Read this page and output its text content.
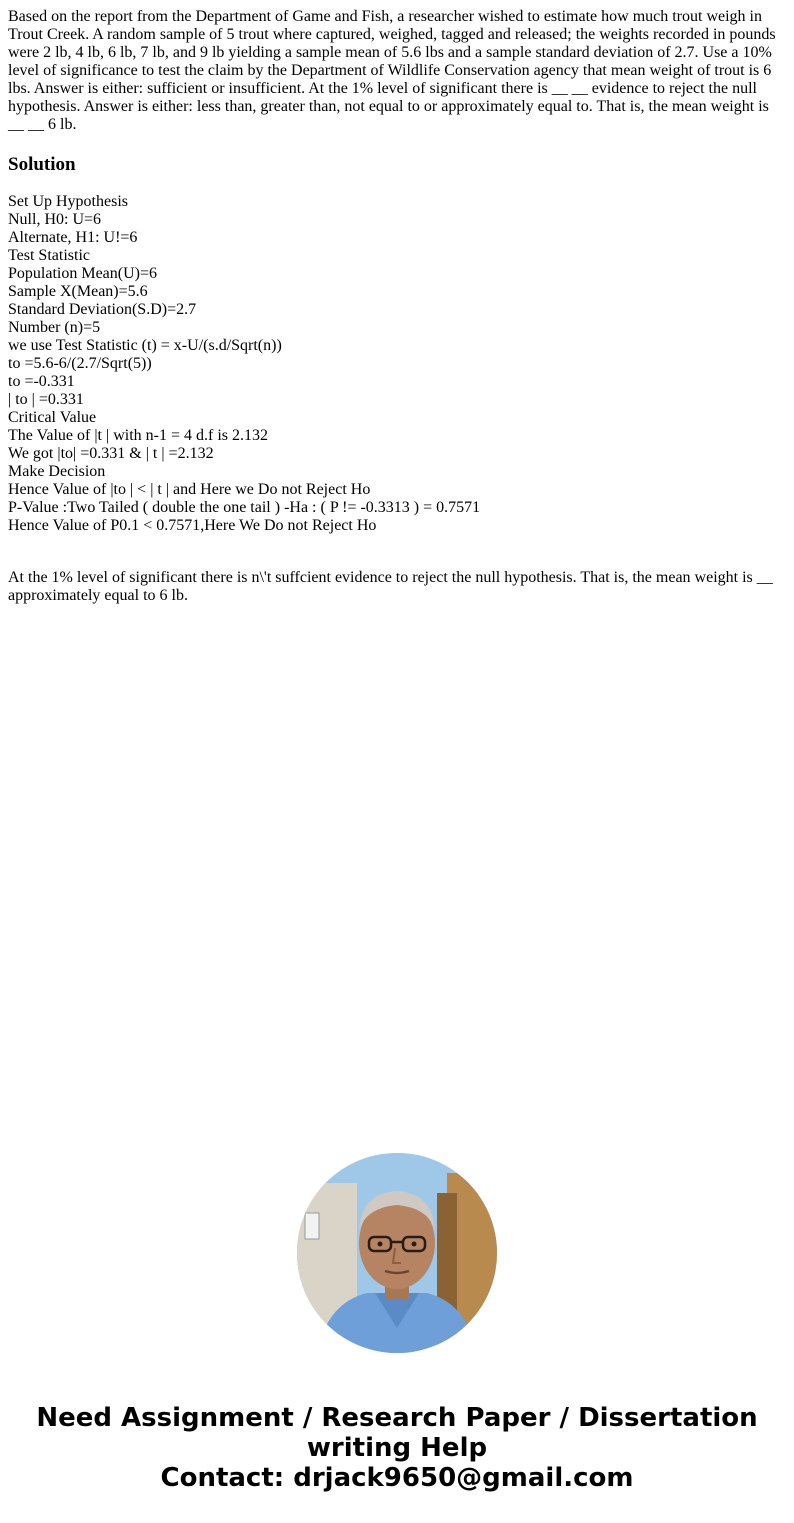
Based on the report from the Department of Game and Fish, a researcher wished to estimate how much trout weigh in Trout Creek. A random sample of 5 trout where captured, weighed, tagged and released; the weights recorded in pounds were 2 lb, 4 lb, 6 lb, 7 lb, and 9 lb yielding a sample mean of 5.6 lbs and a sample standard deviation of 2.7. Use a 10% level of significance to test the claim by the Department of Wildlife Conservation agency that mean weight of trout is 6 lbs. Answer is either: sufficient or insufficient. At the 1% level of significant there is __ __ evidence to reject the null hypothesis. Answer is either: less than, greater than, not equal to or approximately equal to. That is, the mean weight is __ __ 6 lb.

Solution
Set Up Hypothesis
Null, H0: U=6
Alternate, H1: U!=6
Test Statistic
Population Mean(U)=6
Sample X(Mean)=5.6
Standard Deviation(S.D)=2.7
Number (n)=5
we use Test Statistic (t) = x-U/(s.d/Sqrt(n))
to =5.6-6/(2.7/Sqrt(5))
to =-0.331
| to | =0.331
Critical Value
The Value of |t | with n-1 = 4 d.f is 2.132
We got |to| =0.331 & | t | =2.132
Make Decision
Hence Value of |to | < | t | and Here we Do not Reject Ho
P-Value :Two Tailed ( double the one tail ) -Ha : ( P != -0.3313 ) = 0.7571
Hence Value of P0.1 < 0.7571,Here We Do not Reject Ho

At the 1% level of significant there is n\'t suffcient evidence to reject the null hypothesis. That is, the mean weight is __ approximately equal to 6 lb.

Need Assignment / Research Paper / Dissertation
writing Help
Contact: drjack9650@gmail.com
